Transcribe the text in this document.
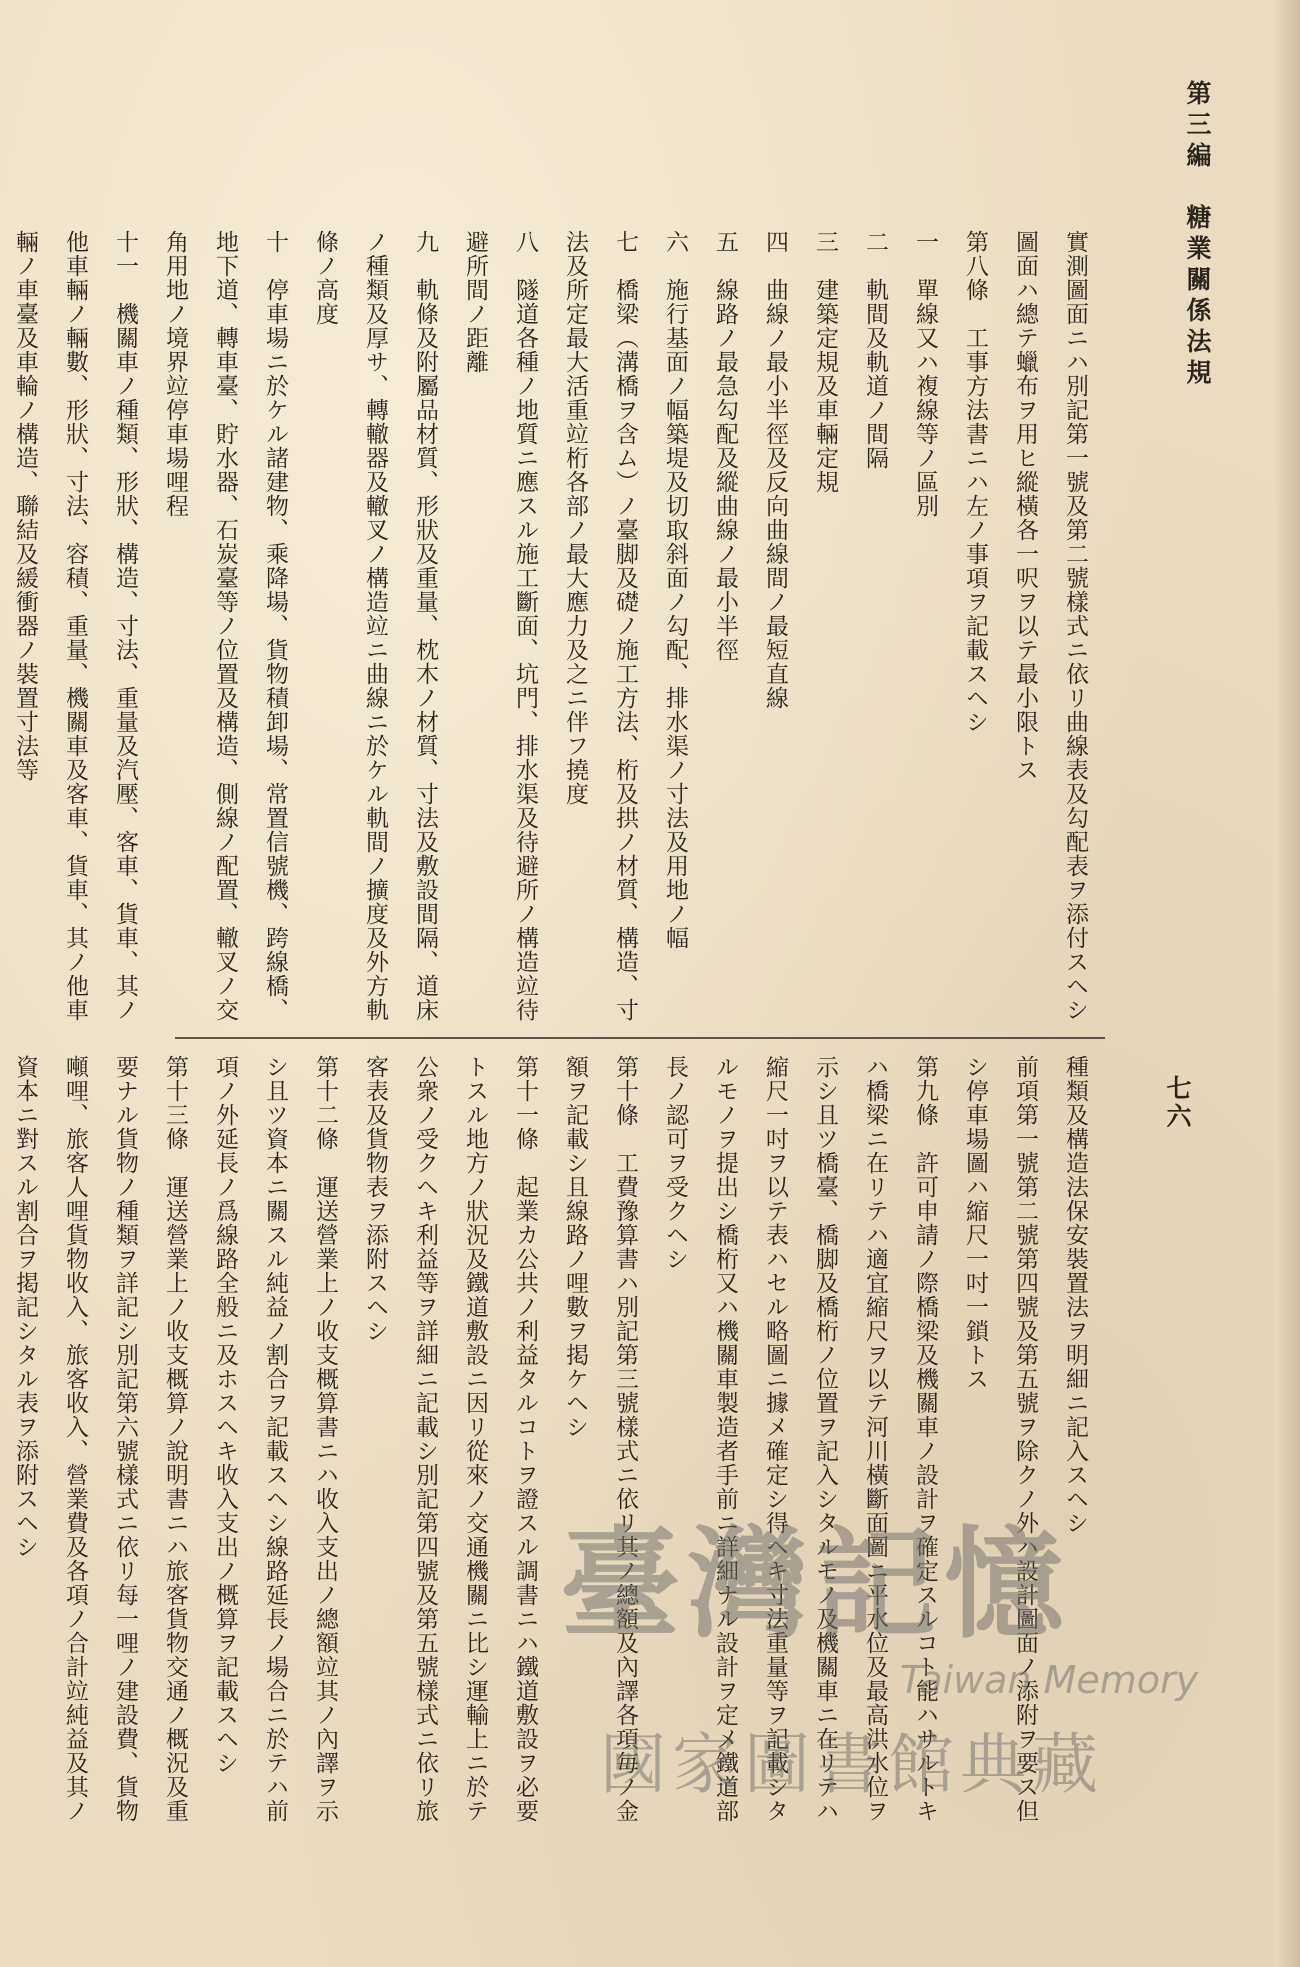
第三編　糖業關係法規

實測圖面ニハ別記第一號及第二號樣式ニ依リ曲線表及勾配表ヲ添付スヘシ

圖面ハ總テ蠟布ヲ用ヒ縱橫各一呎ヲ以テ最小限トス

第八條　工事方法書ニハ左ノ事項ヲ記載スヘシ

一　單線又ハ複線等ノ區別

二　軌間及軌道ノ間隔

三　建築定規及車輛定規

四　曲線ノ最小半徑及反向曲線間ノ最短直線

五　線路ノ最急勾配及縱曲線ノ最小半徑

六　施行基面ノ幅築堤及切取斜面ノ勾配、排水渠ノ寸法及用地ノ幅

七　橋梁（溝橋ヲ含ム）ノ臺脚及礎ノ施工方法、桁及拱ノ材質、構造、寸法及所定最大活重竝桁各部ノ最大應力及之ニ伴フ撓度

八　隧道各種ノ地質ニ應スル施工斷面、坑門、排水渠及待避所ノ構造竝待避所間ノ距離

九　軌條及附屬品材質、形狀及重量、枕木ノ材質、寸法及敷設間隔、道床ノ種類及厚サ、轉轍器及轍叉ノ構造竝ニ曲線ニ於ケル軌間ノ擴度及外方軌條ノ高度

十　停車場ニ於ケル諸建物、乘降場、貨物積卸場、常置信號機、跨線橋、地下道、轉車臺、貯水器、石炭臺等ノ位置及構造、側線ノ配置、轍叉ノ交角用地ノ境界竝停車場哩程

十一　機關車ノ種類、形狀、構造、寸法、重量及汽壓、客車、貨車、其ノ他車輛ノ輛數、形狀、寸法、容積、重量、機關車及客車、貨車、其ノ他車輛ノ車臺及車輪ノ構造、聯結及緩衝器ノ裝置寸法等

七六

種類及構造法保安裝置法ヲ明細ニ記入スヘシ

前項第一號第二號第四號及第五號ヲ除クノ外ハ設計圖面ノ添附ヲ要ス但シ停車場圖ハ縮尺一吋一鎖トス

第九條　許可申請ノ際橋梁及機關車ノ設計ヲ確定スルコト能ハサルトキハ橋梁ニ在リテハ適宜縮尺ヲ以テ河川橫斷面圖ニ平水位及最高洪水位ヲ示シ且ツ橋臺、橋脚及橋桁ノ位置ヲ記入シタルモノ及機關車ニ在リテハ縮尺一吋ヲ以テ表ハセル略圖ニ據メ確定シ得ヘキ寸法重量等ヲ記載シタルモノヲ提出シ橋桁又ハ機關車製造者手前ニ詳細ナル設計ヲ定メ鐵道部長ノ認可ヲ受クヘシ

第十條　工費豫算書ハ別記第三號樣式ニ依リ其ノ總額及內譯各項毎ノ金額ヲ記載シ且線路ノ哩數ヲ掲ケヘシ

第十一條　起業カ公共ノ利益タルコトヲ證スル調書ニハ鐵道敷設ヲ必要トスル地方ノ狀況及鐵道敷設ニ因リ從來ノ交通機關ニ比シ運輸上ニ於テ公衆ノ受クヘキ利益等ヲ詳細ニ記載シ別記第四號及第五號樣式ニ依リ旅客表及貨物表ヲ添附スヘシ

第十二條　運送營業上ノ收支概算書ニハ收入支出ノ總額竝其ノ內譯ヲ示シ且ツ資本ニ關スル純益ノ割合ヲ記載スヘシ線路延長ノ場合ニ於テハ前項ノ外延長ノ爲線路全般ニ及ホスヘキ收入支出ノ概算ヲ記載スヘシ

第十三條　運送營業上ノ收支概算ノ說明書ニハ旅客貨物交通ノ概況及重要ナル貨物ノ種類ヲ詳記シ別記第六號樣式ニ依リ每一哩ノ建設費、貨物噸哩、旅客人哩貨物收入、旅客收入、營業費及各項ノ合計竝純益及其ノ資本ニ對スル割合ヲ掲記シタル表ヲ添附スヘシ

臺灣記憶
Taiwan Memory
國家圖書館典藏
